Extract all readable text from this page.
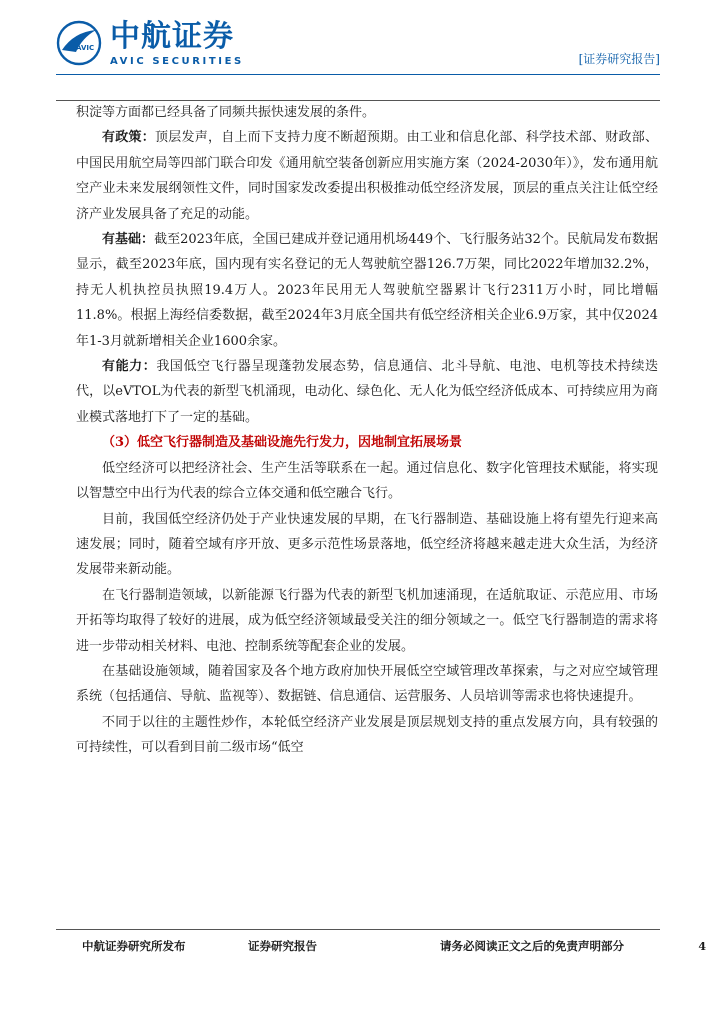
AVIC 中航证券
AVIC SECURITIES	[证券研究报告]

积淀等方面都已经具备了同频共振快速发展的条件。

有政策：顶层发声，自上而下支持力度不断超预期。由工业和信息化部、科学技术部、财政部、中国民用航空局等四部门联合印发《通用航空装备创新应用实施方案（2024-2030年）》，发布通用航空产业未来发展纲领性文件，同时国家发改委提出积极推动低空经济发展，顶层的重点关注让低空经济产业发展具备了充足的动能。

有基础：截至2023年底，全国已建成并登记通用机场449个、飞行服务站32个。民航局发布数据显示，截至2023年底，国内现有实名登记的无人驾驶航空器126.7万架，同比2022年增加32.2%，持无人机执控员执照19.4万人。2023年民用无人驾驶航空器累计飞行2311万小时，同比增幅11.8%。根据上海经信委数据，截至2024年3月底全国共有低空经济相关企业6.9万家，其中仅2024年1-3月就新增相关企业1600余家。

有能力：我国低空飞行器呈现蓬勃发展态势，信息通信、北斗导航、电池、电机等技术持续迭代，以eVTOL为代表的新型飞机涌现，电动化、绿色化、无人化为低空经济低成本、可持续应用为商业模式落地打下了一定的基础。

（3）低空飞行器制造及基础设施先行发力，因地制宜拓展场景

低空经济可以把经济社会、生产生活等联系在一起。通过信息化、数字化管理技术赋能，将实现以智慧空中出行为代表的综合立体交通和低空融合飞行。

目前，我国低空经济仍处于产业快速发展的早期，在飞行器制造、基础设施上将有望先行迎来高速发展；同时，随着空域有序开放、更多示范性场景落地，低空经济将越来越走进大众生活，为经济发展带来新动能。

在飞行器制造领域，以新能源飞行器为代表的新型飞机加速涌现，在适航取证、示范应用、市场开拓等均取得了较好的进展，成为低空经济领域最受关注的细分领域之一。低空飞行器制造的需求将进一步带动相关材料、电池、控制系统等配套企业的发展。

在基础设施领域，随着国家及各个地方政府加快开展低空空域管理改革探索，与之对应空域管理系统（包括通信、导航、监视等）、数据链、信息通信、运营服务、人员培训等需求也将快速提升。

不同于以往的主题性炒作，本轮低空经济产业发展是顶层规划支持的重点发展方向，具有较强的可持续性，可以看到目前二级市场“低空

中航证券研究所发布	证券研究报告	请务必阅读正文之后的免责声明部分	4
